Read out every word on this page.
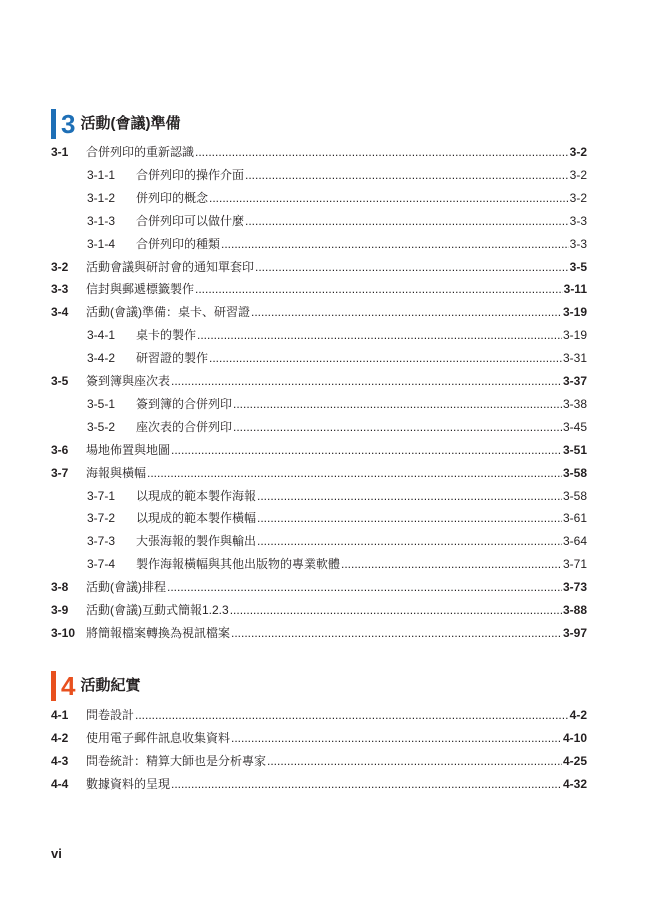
3 活動(會議)準備
3-1	合併列印的重新認識 .....	3-2
3-1-1	合併列印的操作介面 .....	3-2
3-1-2	併列印的概念 .....	3-2
3-1-3	合併列印可以做什麼 .....	3-3
3-1-4	合併列印的種類 .....	3-3
3-2	活動會議與研討會的通知單套印 .....	3-5
3-3	信封與郵遞標籤製作 .....	3-11
3-4	活動(會議)準備：桌卡、研習證 .....	3-19
3-4-1	桌卡的製作 .....	3-19
3-4-2	研習證的製作 .....	3-31
3-5	簽到簿與座次表 .....	3-37
3-5-1	簽到簿的合併列印 .....	3-38
3-5-2	座次表的合併列印 .....	3-45
3-6	場地佈置與地圖 .....	3-51
3-7	海報與橫幅 .....	3-58
3-7-1	以現成的範本製作海報 .....	3-58
3-7-2	以現成的範本製作橫幅 .....	3-61
3-7-3	大張海報的製作與輸出 .....	3-64
3-7-4	製作海報橫幅與其他出版物的專業軟體 .....	3-71
3-8	活動(會議)排程 .....	3-73
3-9	活動(會議)互動式簡報1.2.3 .....	3-88
3-10 將簡報檔案轉換為視訊檔案 .....	3-97
4 活動紀實
4-1	問卷設計 .....	4-2
4-2	使用電子郵件訊息收集資料 .....	4-10
4-3	問卷統計：精算大師也是分析專家 .....	4-25
4-4	數據資料的呈現 .....	4-32
vi
